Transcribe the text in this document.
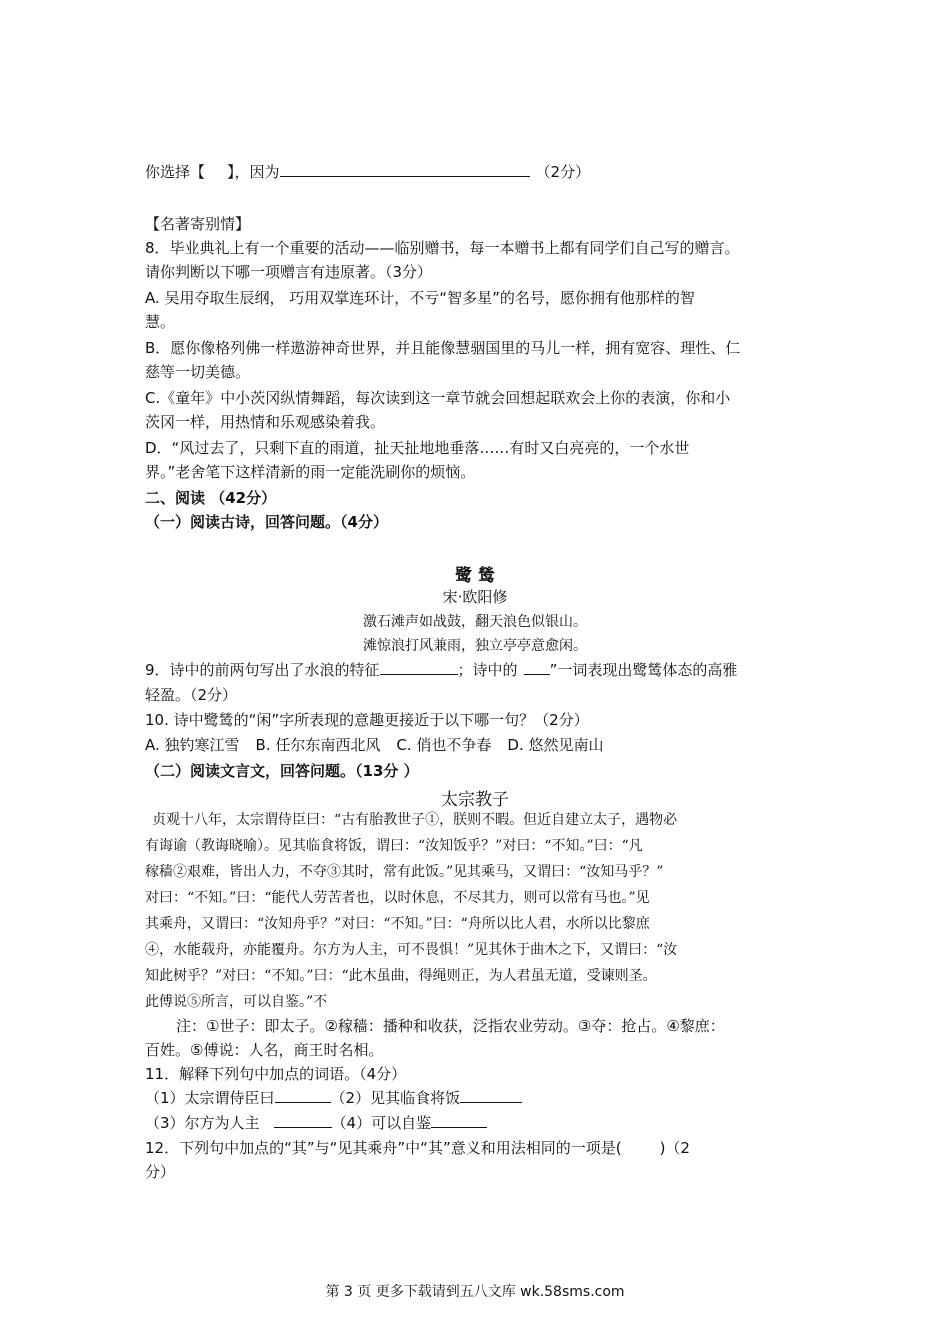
你选择【 】，因为	（2分）
【名著寄别情】
8．毕业典礼上有一个重要的活动——临别赠书，每一本赠书上都有同学们自己写的赠言。
请你判断以下哪一项赠言有违原著。（3分）
A. 吴用夺取生辰纲， 巧用双掌连环计，不亏“智多星”的名号，愿你拥有他那样的智
慧。
B．愿你像格列佛一样遨游神奇世界，并且能像慧骃国里的马儿一样，拥有宽容、理性、仁
慈等一切美德。
C.《童年》中小茨冈纵情舞蹈，每次读到这一章节就会回想起联欢会上你的表演，你和小
茨冈一样，用热情和乐观感染着我。
D．“风过去了，只剩下直的雨道，扯天扯地地垂落……有时又白亮亮的，一个水世
界。”老舍笔下这样清新的雨一定能洗刷你的烦恼。
二、阅读 （42分）
（一）阅读古诗，回答问题。（4分）
鹭 鸶
宋·欧阳修
激石滩声如战鼓，翻天浪色似银山。
滩惊浪打风兼雨，独立亭亭意愈闲。
9．诗中的前两句写出了水浪的特征	；诗中的 ”一词表现出鹭鸶体态的高雅
轻盈。（2分）
10. 诗中鹭鸶的“闲”字所表现的意趣更接近于以下哪一句？（2分）
A. 独钓寒江雪 B. 任尔东南西北风 C. 俏也不争春 D. 悠然见南山
（二）阅读文言文，回答问题。（13分 ）
太宗教子
贞观十八年，太宗谓侍臣曰：“古有胎教世子①，朕则不暇。但近自建立太子，遇物必
有诲谕（教诲晓喻）。见其临食将饭，谓曰：“汝知饭乎？”对曰：“不知。”曰：“凡
稼穑②艰难，皆出人力，不夺③其时，常有此饭。”见其乘马，又谓曰：“汝知马乎？”
对曰：“不知。”曰：“能代人劳苦者也，以时休息，不尽其力，则可以常有马也。”见
其乘舟，又谓曰：“汝知舟乎？”对曰：“不知。”曰：“舟所以比人君，水所以比黎庶
④，水能载舟，亦能覆舟。尔方为人主，可不畏惧！”见其休于曲木之下，又谓曰：“汝
知此树乎？”对曰：“不知。”曰：“此木虽曲，得绳则正，为人君虽无道，受谏则圣。
此傅说⑤所言，可以自鉴。”不
注：①世子：即太子。②稼穑：播种和收获，泛指农业劳动。③夺：抢占。④黎庶：
百姓。⑤傅说：人名，商王时名相。
11．解释下列句中加点的词语。（4分）
（1）太宗谓侍臣曰	（2）见其临食将饭
（3）尔方为人主	（4）可以自鉴
12．下列句中加点的“其”与“见其乘舟”中“其”意义和用法相同的一项是(	)（2
分）
第 3 页 更多下载请到五八文库 wk.58sms.com
